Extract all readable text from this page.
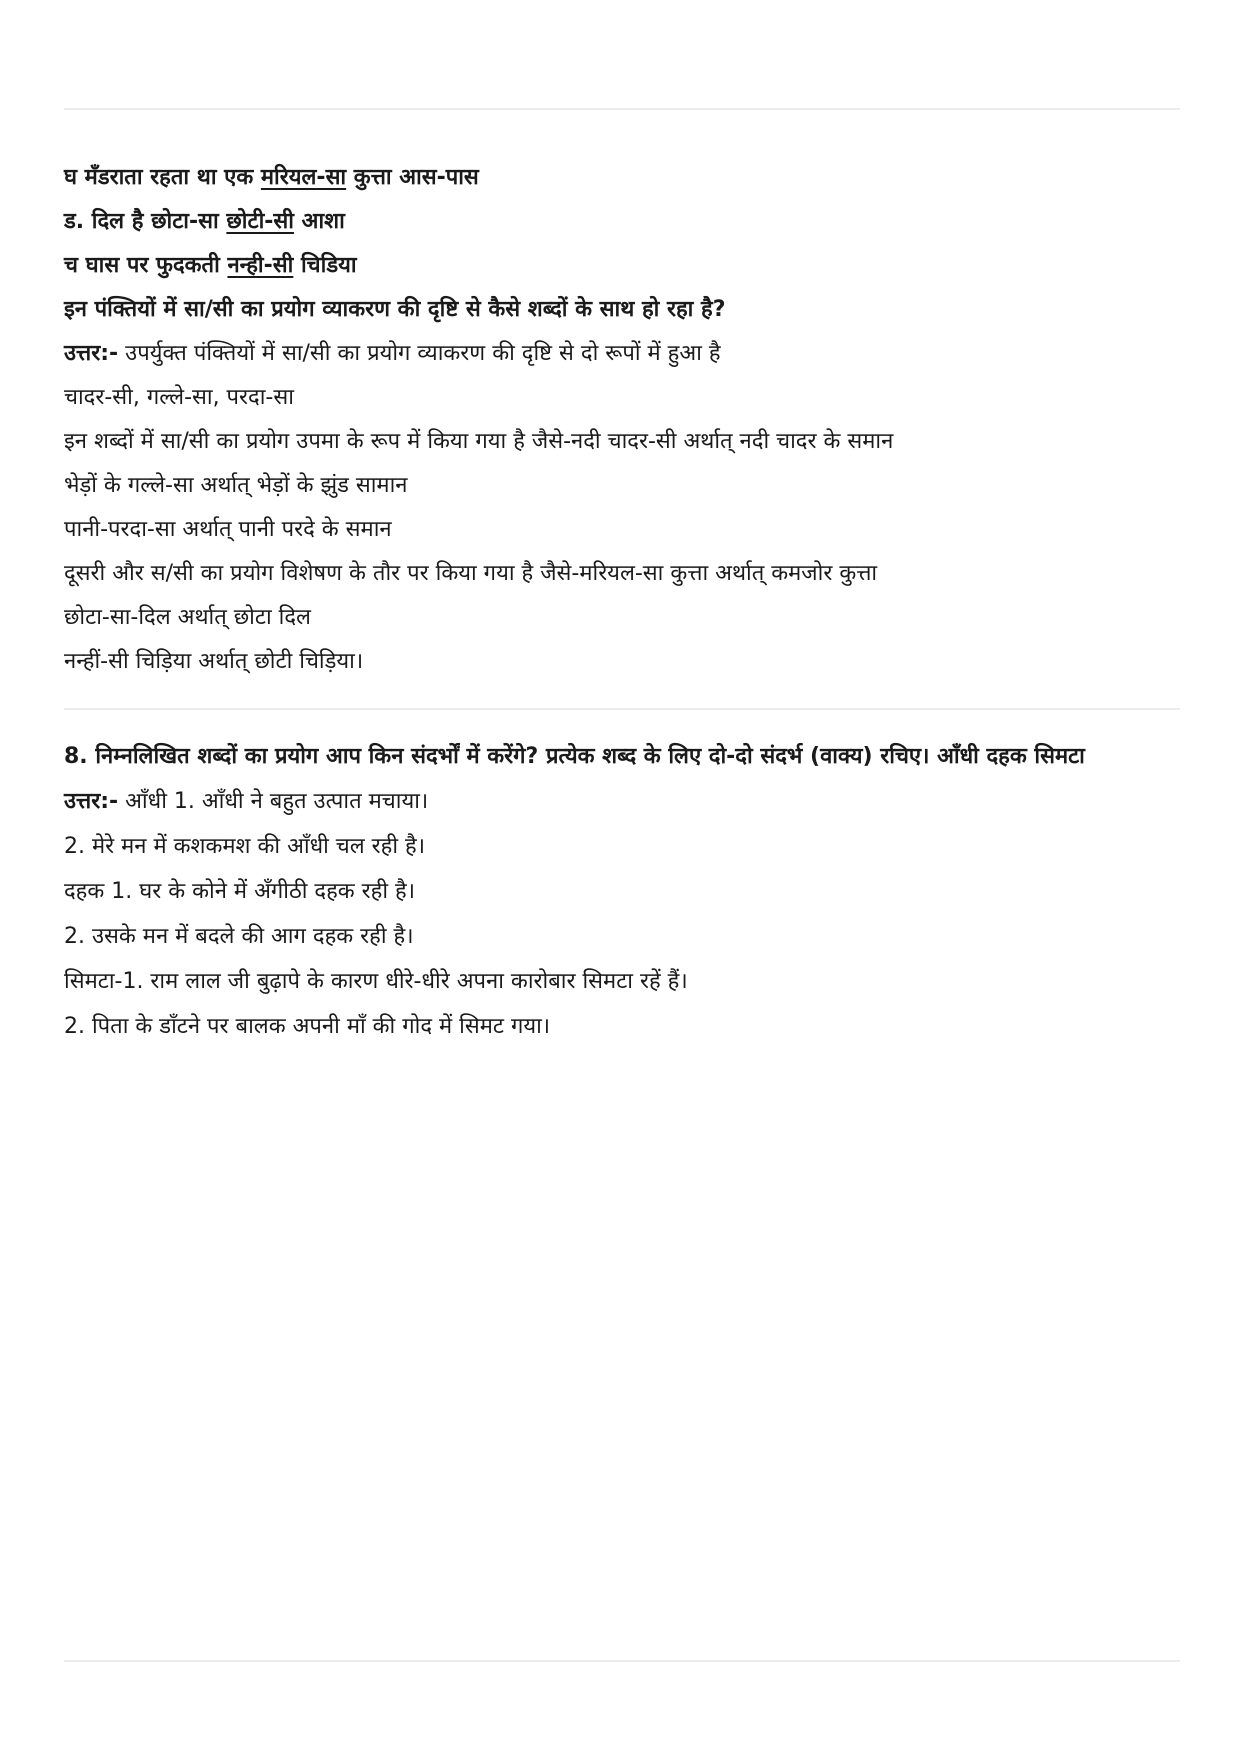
घ मँडराता रहता था एक मरियल-सा कुत्ता आस-पास
ड. दिल है छोटा-सा छोटी-सी आशा
च घास पर फुदकती नन्ही-सी चिडिया
इन पंक्तियों में सा/सी का प्रयोग व्याकरण की दृष्टि से कैसे शब्दों के साथ हो रहा है?
उत्तर:- उपर्युक्त पंक्तियों में सा/सी का प्रयोग व्याकरण की दृष्टि से दो रूपों में हुआ है
चादर-सी, गल्ले-सा, परदा-सा
इन शब्दों में सा/सी का प्रयोग उपमा के रूप में किया गया है जैसे-नदी चादर-सी अर्थात् नदी चादर के समान
भेड़ों के गल्ले-सा अर्थात् भेड़ों के झुंड सामान
पानी-परदा-सा अर्थात् पानी परदे के समान
दूसरी और स/सी का प्रयोग विशेषण के तौर पर किया गया है जैसे-मरियल-सा कुत्ता अर्थात् कमजोर कुत्ता
छोटा-सा-दिल अर्थात् छोटा दिल
नन्हीं-सी चिड़िया अर्थात् छोटी चिड़िया।
8. निम्नलिखित शब्दों का प्रयोग आप किन संदर्भों में करेंगे? प्रत्येक शब्द के लिए दो-दो संदर्भ (वाक्य) रचिए। आँधी दहक सिमटा
उत्तर:- आँधी 1. आँधी ने बहुत उत्पात मचाया।
2. मेरे मन में कशकमश की आँधी चल रही है।
दहक 1. घर के कोने में अँगीठी दहक रही है।
2. उसके मन में बदले की आग दहक रही है।
सिमटा-1. राम लाल जी बुढ़ापे के कारण धीरे-धीरे अपना कारोबार सिमटा रहें हैं।
2. पिता के डाँटने पर बालक अपनी माँ की गोद में सिमट गया।
